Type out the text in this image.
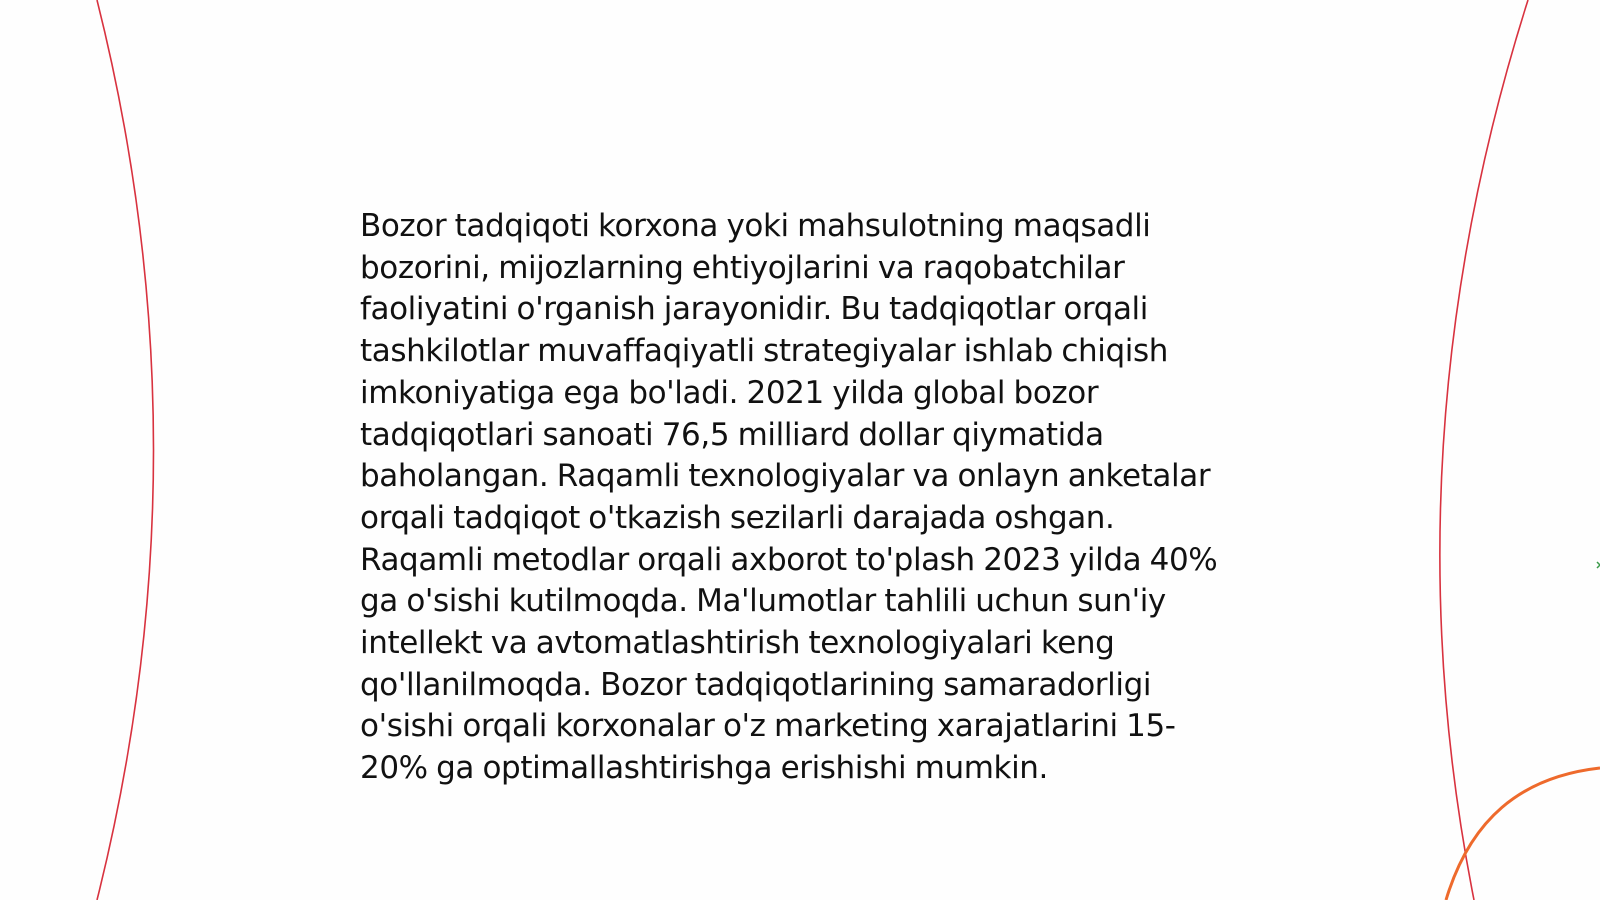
Bozor tadqiqoti korxona yoki mahsulotning maqsadli bozorini, mijozlarning ehtiyojlarini va raqobatchilar faoliyatini o'rganish jarayonidir. Bu tadqiqotlar orqali tashkilotlar muvaffaqiyatli strategiyalar ishlab chiqish imkoniyatiga ega bo'ladi. 2021 yilda global bozor tadqiqotlari sanoati 76,5 milliard dollar qiymatida baholangan. Raqamli texnologiyalar va onlayn anketalar orqali tadqiqot o'tkazish sezilarli darajada oshgan. Raqamli metodlar orqali axborot to'plash 2023 yilda 40% ga o'sishi kutilmoqda. Ma'lumotlar tahlili uchun sun'iy intellekt va avtomatlashtirish texnologiyalari keng qo'llanilmoqda. Bozor tadqiqotlarining samaradorligi o'sishi orqali korxonalar o'z marketing xarajatlarini 15-20% ga optimallashtirishga erishishi mumkin.
